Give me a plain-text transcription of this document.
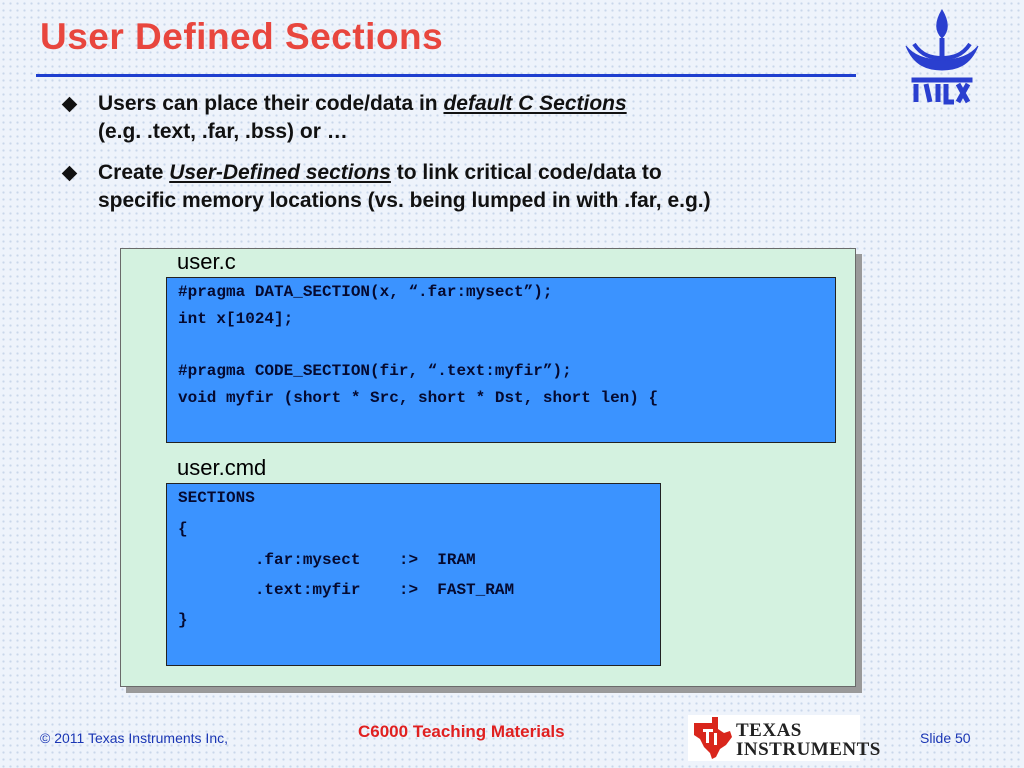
User Defined Sections
Users can place their code/data in default C Sections
(e.g. .text, .far, .bss) or …
Create User-Defined sections to link critical code/data to
specific memory locations (vs. being lumped in with .far, e.g.)
user.c
#pragma DATA_SECTION(x, “.far:mysect”);
int x[1024];
#pragma CODE_SECTION(fir, “.text:myfir”);
void myfir (short * Src, short * Dst, short len) {
user.cmd
SECTIONS
{
.far:mysect    :>  IRAM
.text:myfir    :>  FAST_RAM
}
© 2011 Texas Instruments Inc,	C6000 Teaching Materials	TEXAS
INSTRUMENTS
Slide 50
